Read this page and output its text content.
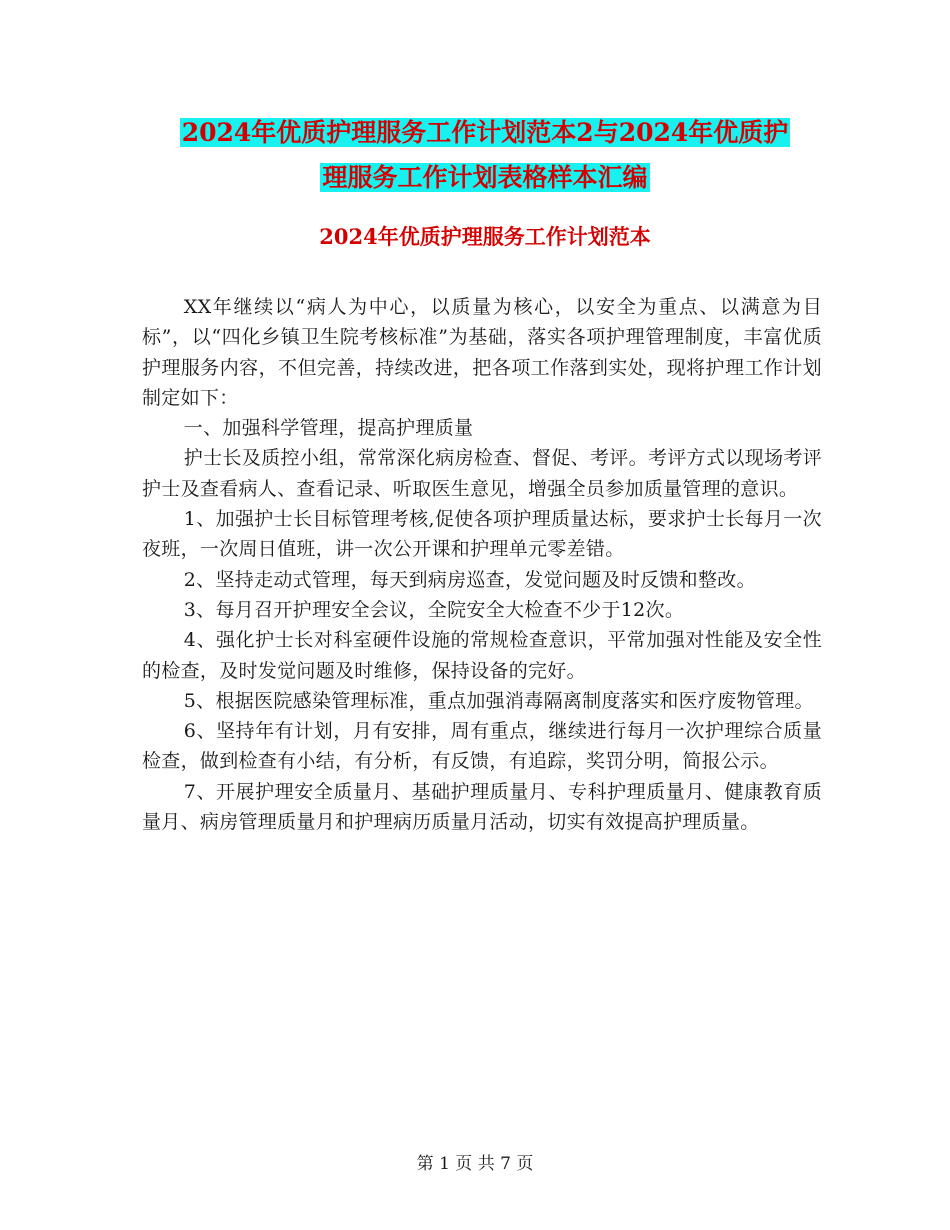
2024年优质护理服务工作计划范本2与2024年优质护
理服务工作计划表格样本汇编
2024年优质护理服务工作计划范本

XX年继续以“病人为中心，以质量为核心，以安全为重点、以满意为目标”，以“四化乡镇卫生院考核标准”为基础，落实各项护理管理制度，丰富优质护理服务内容，不但完善，持续改进，把各项工作落到实处，现将护理工作计划制定如下：

一、加强科学管理，提高护理质量

护士长及质控小组，常常深化病房检查、督促、考评。考评方式以现场考评护士及查看病人、查看记录、听取医生意见，增强全员参加质量管理的意识。

1、加强护士长目标管理考核,促使各项护理质量达标，要求护士长每月一次夜班，一次周日值班，讲一次公开课和护理单元零差错。

2、坚持走动式管理，每天到病房巡查，发觉问题及时反馈和整改。

3、每月召开护理安全会议，全院安全大检查不少于12次。

4、强化护士长对科室硬件设施的常规检查意识，平常加强对性能及安全性的检查，及时发觉问题及时维修，保持设备的完好。

5、根据医院感染管理标准，重点加强消毒隔离制度落实和医疗废物管理。

6、坚持年有计划，月有安排，周有重点，继续进行每月一次护理综合质量检查，做到检查有小结，有分析，有反馈，有追踪，奖罚分明，简报公示。

7、开展护理安全质量月、基础护理质量月、专科护理质量月、健康教育质量月、病房管理质量月和护理病历质量月活动，切实有效提高护理质量。

第 1 页 共 7 页
